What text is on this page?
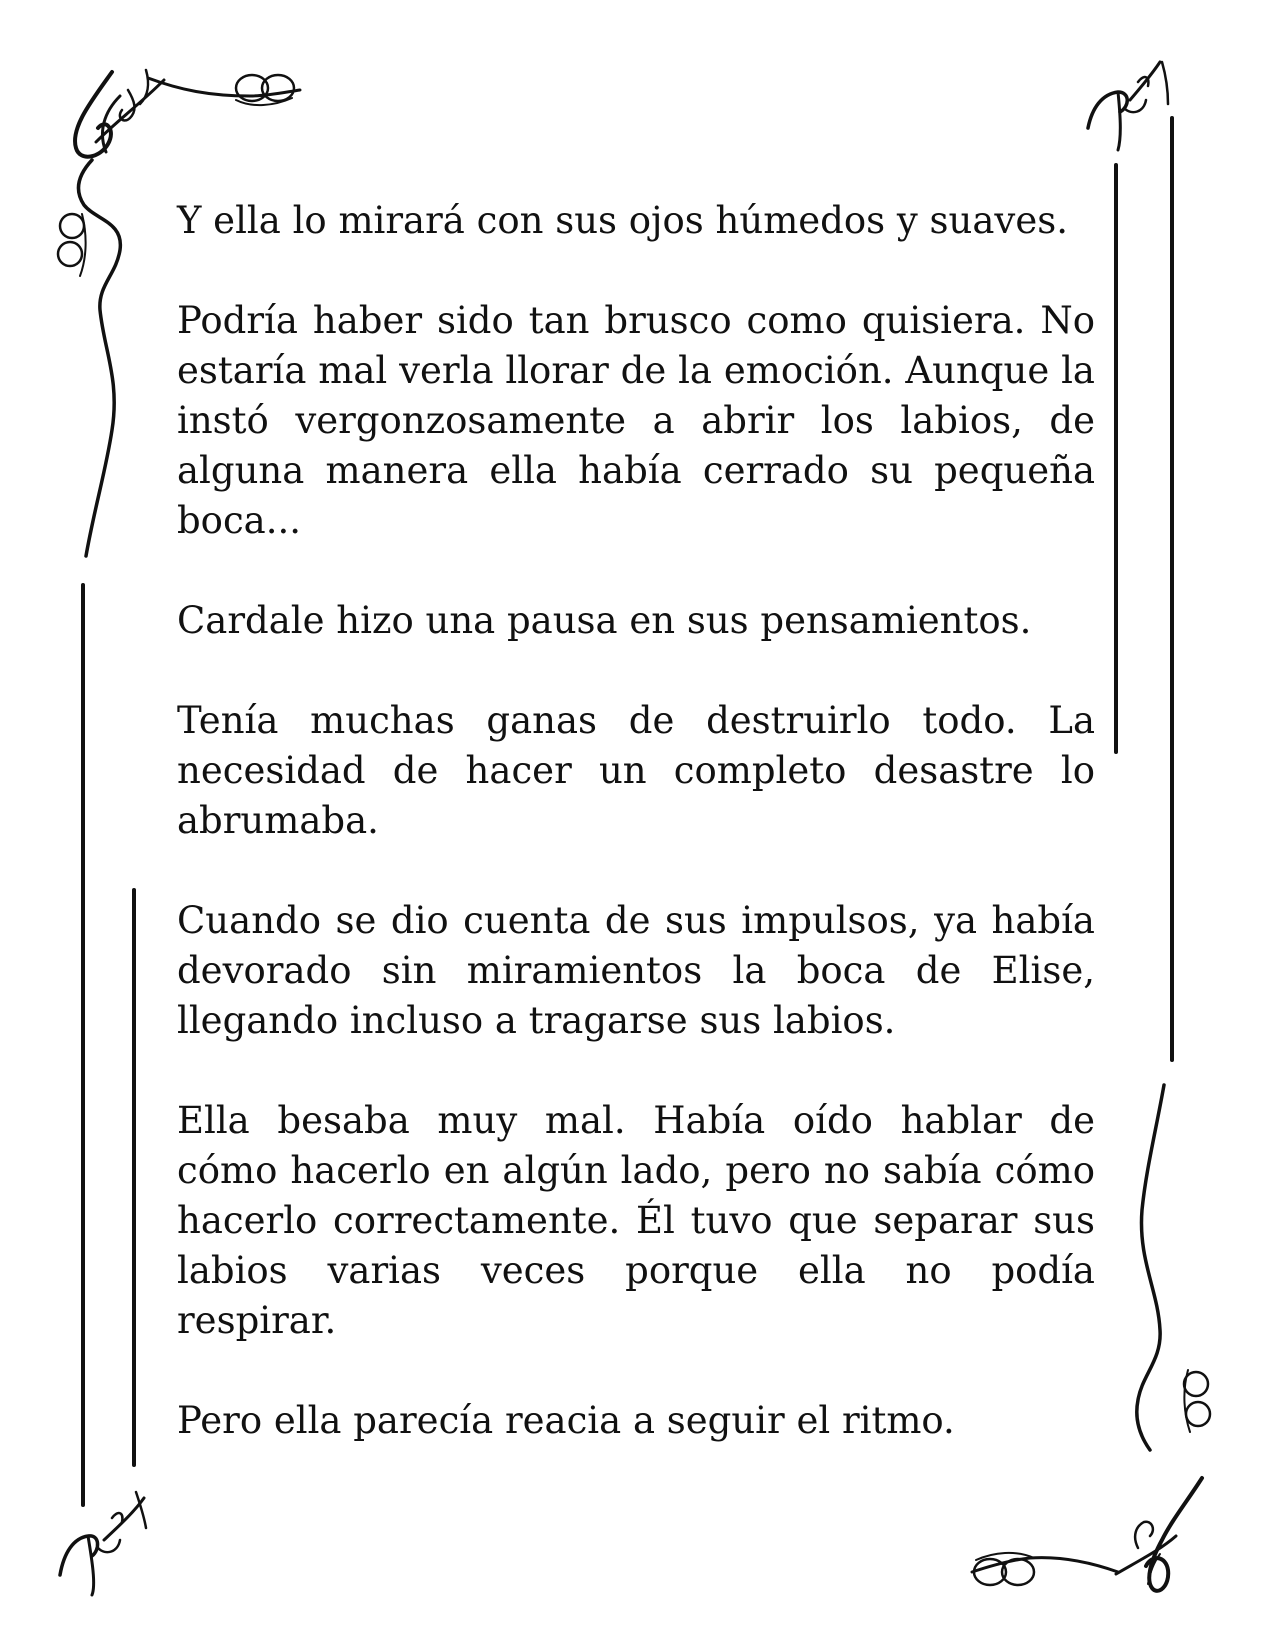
Y ella lo mirará con sus ojos húmedos y suaves.

Podría haber sido tan brusco como quisiera. No estaría mal verla llorar de la emoción. Aunque la instó vergonzosamente a abrir los labios, de alguna manera ella había cerrado su pequeña boca...

Cardale hizo una pausa en sus pensamientos.

Tenía muchas ganas de destruirlo todo. La necesidad de hacer un completo desastre lo abrumaba.

Cuando se dio cuenta de sus impulsos, ya había devorado sin miramientos la boca de Elise, llegando incluso a tragarse sus labios.

Ella besaba muy mal. Había oído hablar de cómo hacerlo en algún lado, pero no sabía cómo hacerlo correctamente. Él tuvo que separar sus labios varias veces porque ella no podía respirar.

Pero ella parecía reacia a seguir el ritmo.
